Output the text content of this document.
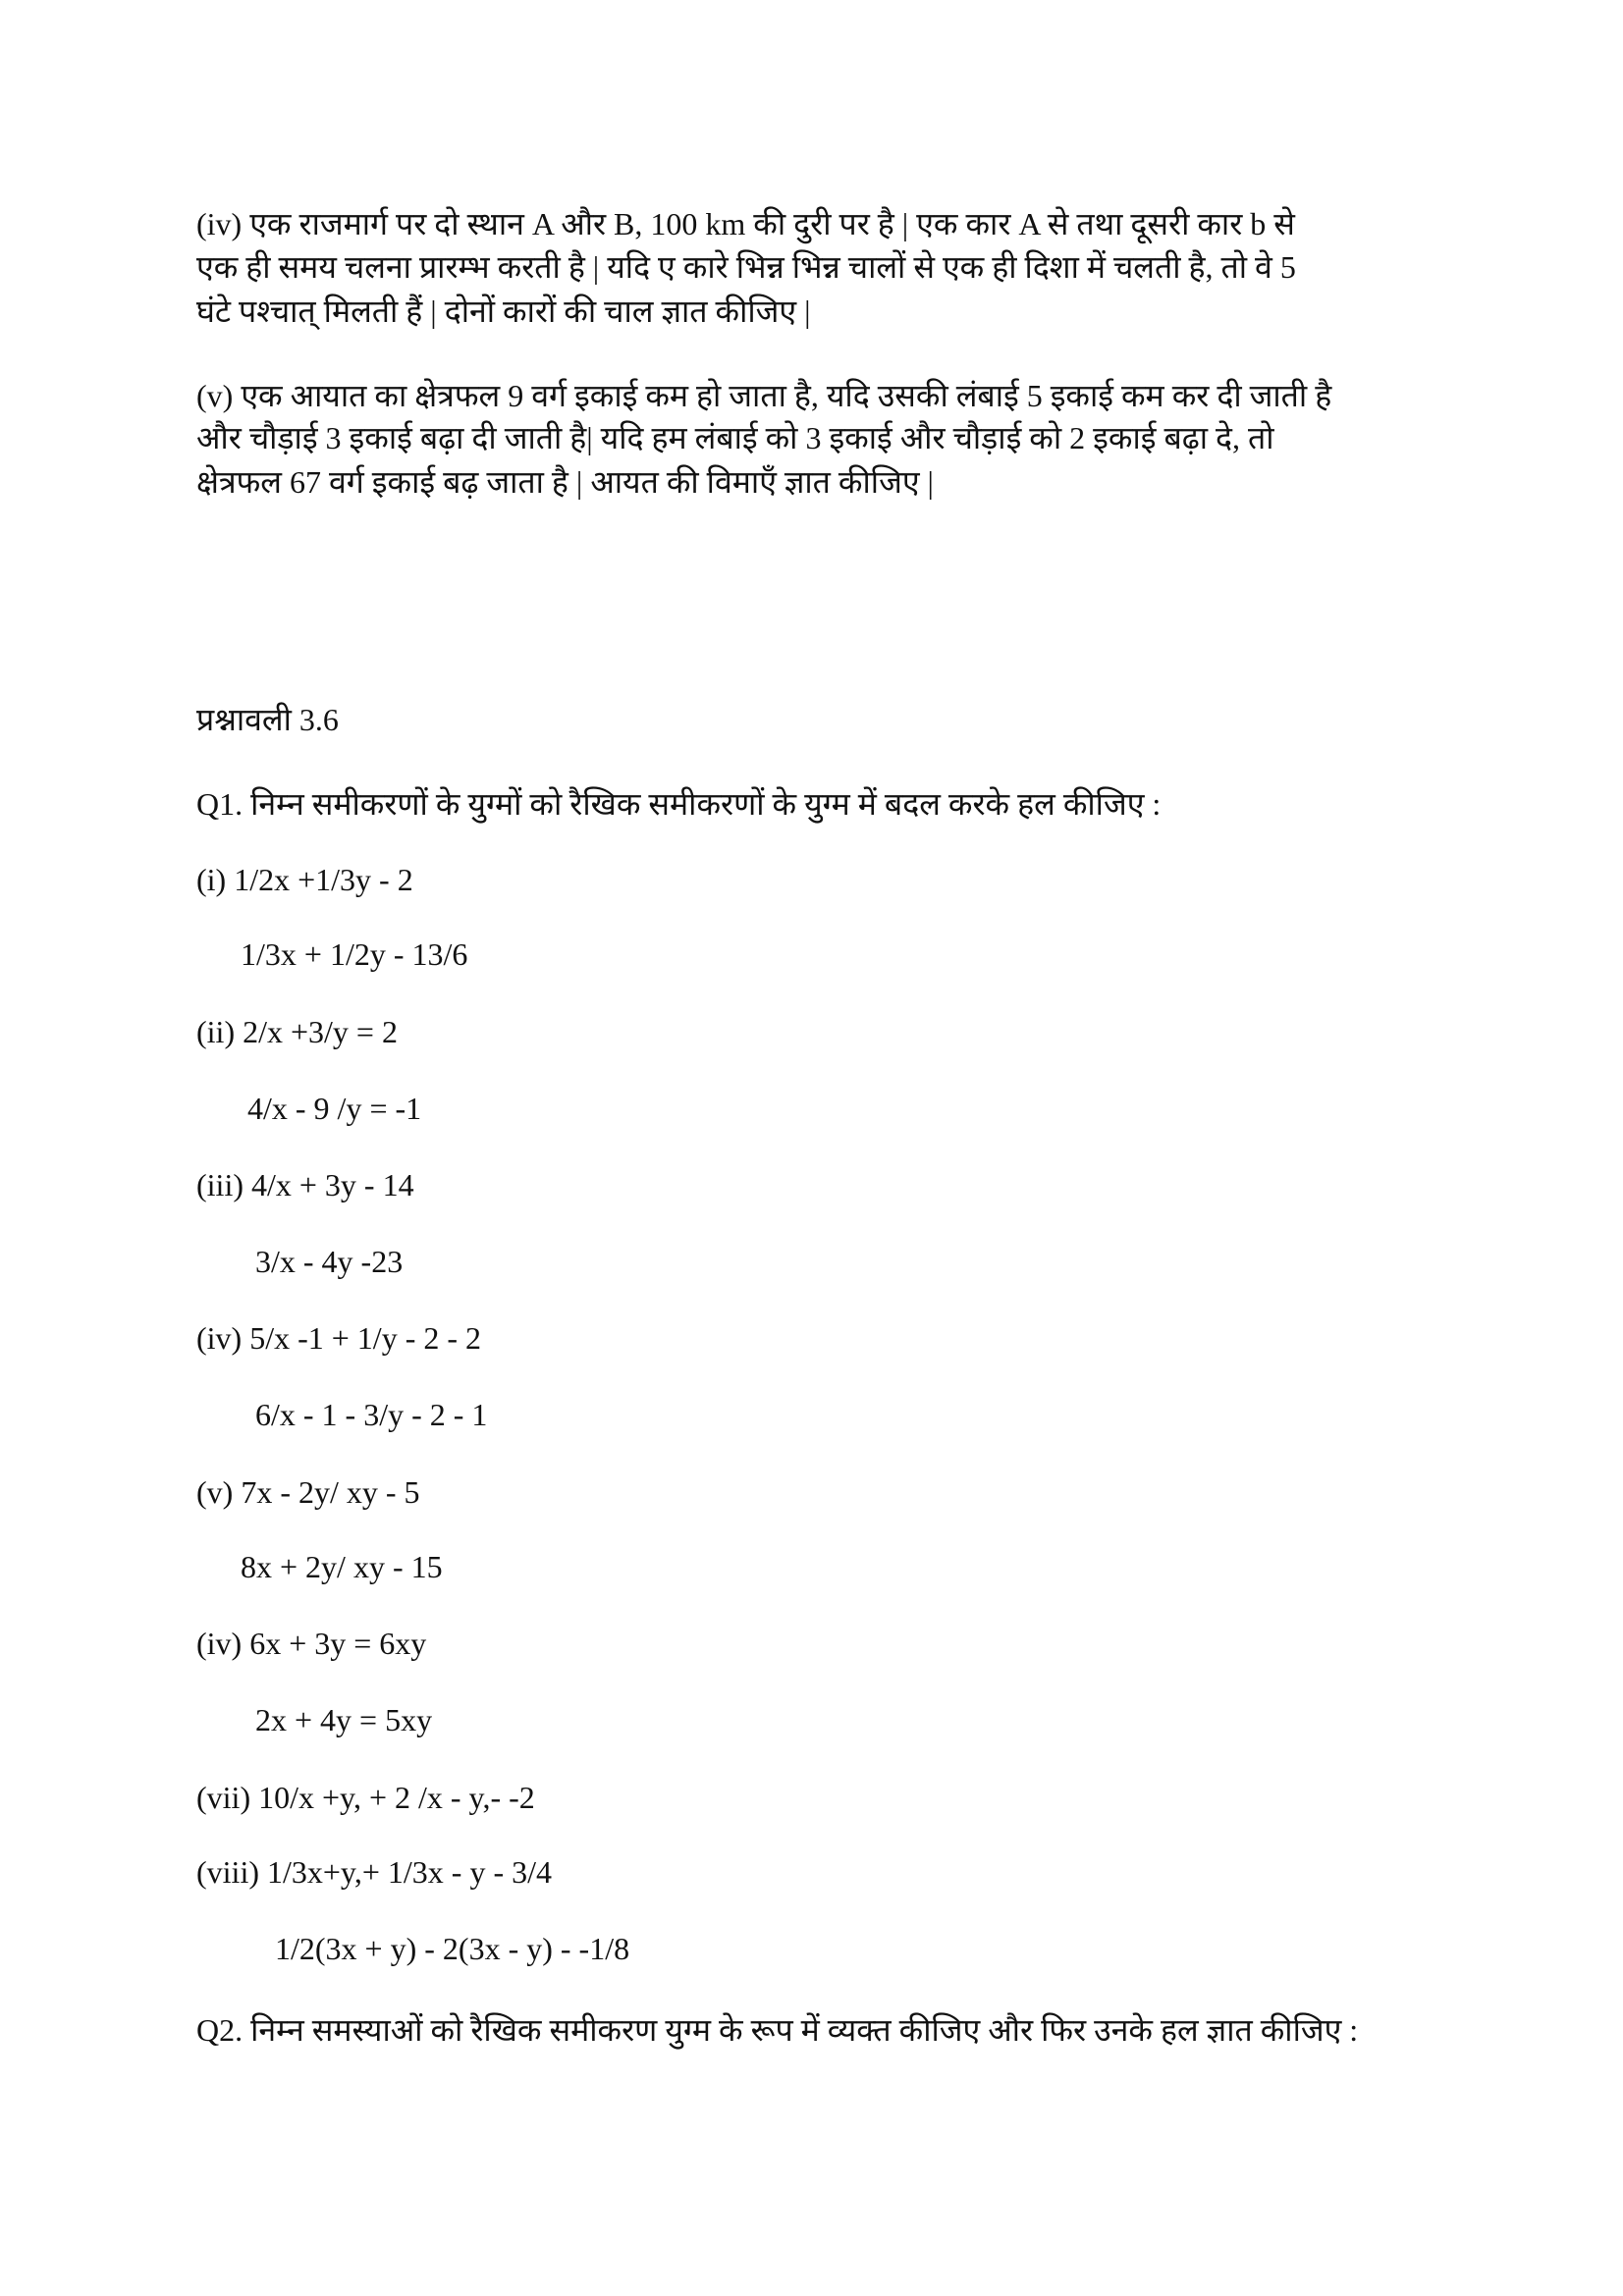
(iv) एक राजमार्ग पर दो स्थान A और B, 100 km की दुरी पर है | एक कार A से तथा दूसरी कार b से
एक ही समय चलना प्रारम्भ करती है | यदि ए कारे भिन्न भिन्न चालों से एक ही दिशा में चलती है, तो वे 5
घंटे पश्चात् मिलती हैं | दोनों कारों की चाल ज्ञात कीजिए |
(v) एक आयात का क्षेत्रफल 9 वर्ग इकाई कम हो जाता है, यदि उसकी लंबाई 5 इकाई कम कर दी जाती है
और चौड़ाई 3 इकाई बढ़ा दी जाती है| यदि हम लंबाई को 3 इकाई और चौड़ाई को 2 इकाई बढ़ा दे, तो
क्षेत्रफल 67 वर्ग इकाई बढ़ जाता है | आयत की विमाएँ ज्ञात कीजिए |
प्रश्नावली 3.6
Q1. निम्न समीकरणों के युग्मों को रैखिक समीकरणों के युग्म में बदल करके हल कीजिए :
(i) 1/2x +1/3y - 2
1/3x + 1/2y - 13/6
(ii) 2/x +3/y = 2
4/x - 9 /y = -1
(iii) 4/x + 3y - 14
3/x - 4y -23
(iv) 5/x -1 + 1/y - 2 - 2
6/x - 1 - 3/y - 2 - 1
(v) 7x - 2y/ xy - 5
8x + 2y/ xy - 15
(iv) 6x + 3y = 6xy
2x + 4y = 5xy
(vii) 10/x +y, + 2 /x - y,- -2
(viii) 1/3x+y,+ 1/3x - y - 3/4
1/2(3x + y) - 2(3x - y) - -1/8
Q2. निम्न समस्याओं को रैखिक समीकरण युग्म के रूप में व्यक्त कीजिए और फिर उनके हल ज्ञात कीजिए :
